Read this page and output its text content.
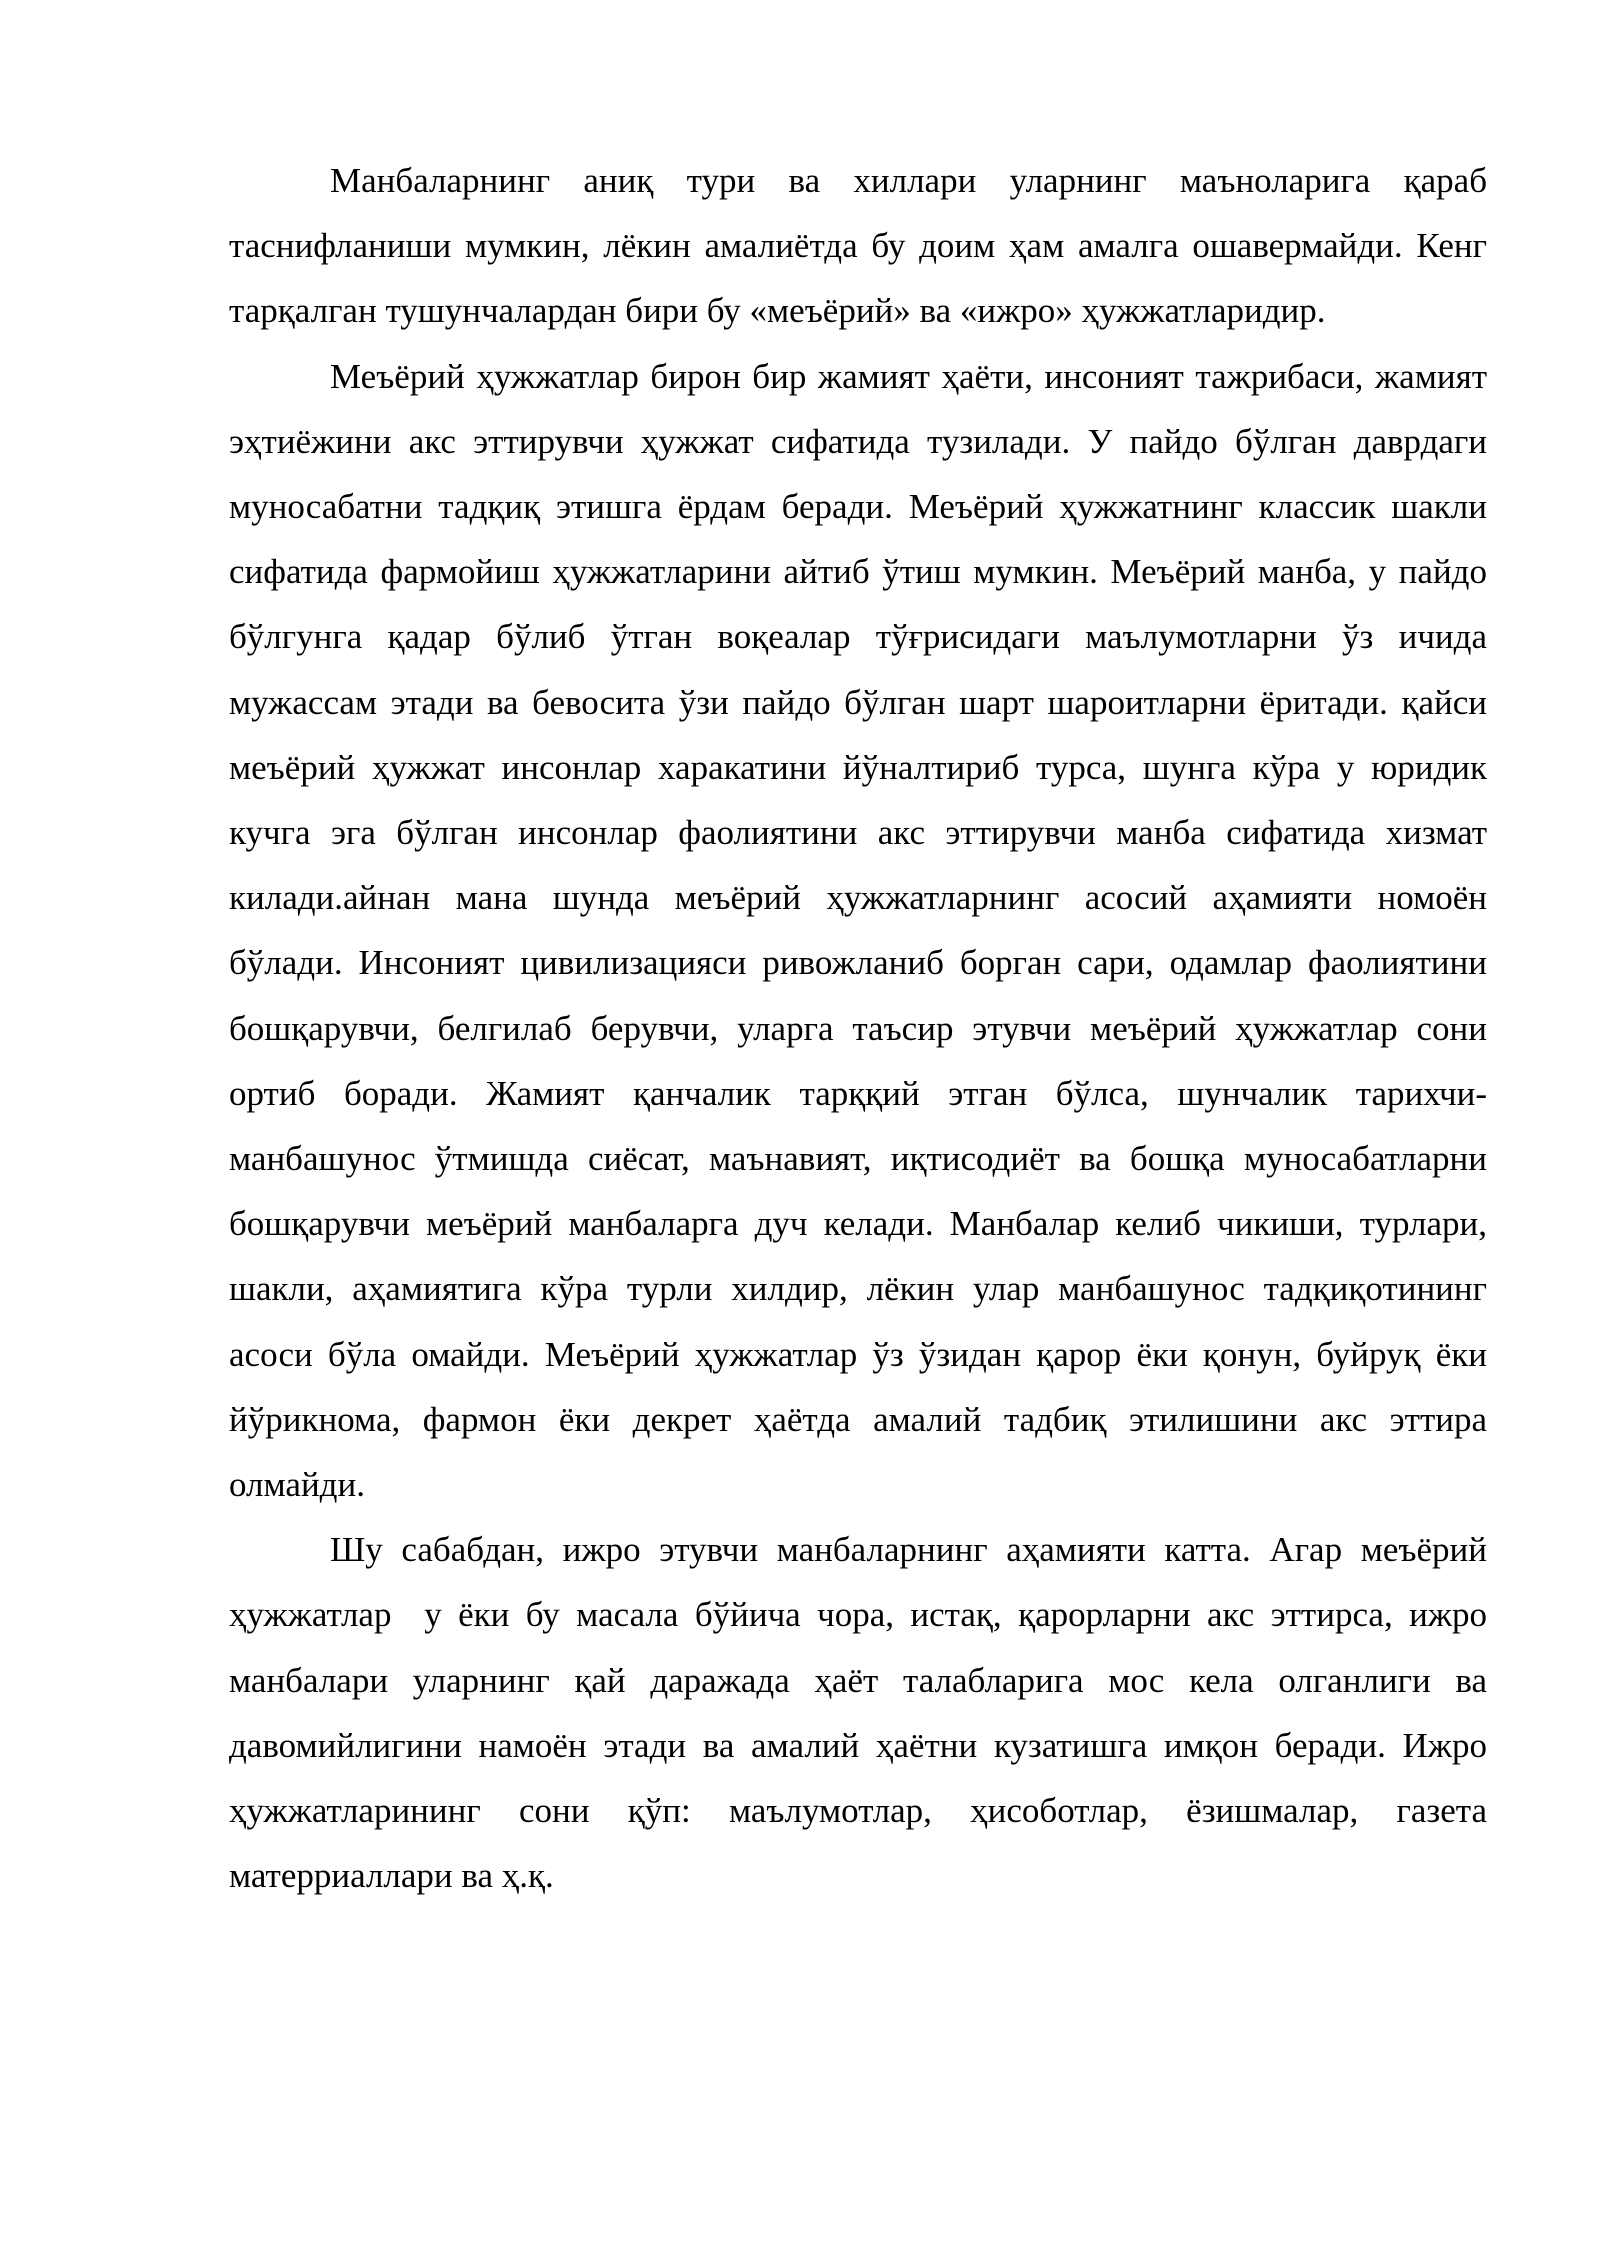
Манбаларнинг аниқ тури ва хиллари уларнинг маъноларига қараб таснифланиши мумкин, лёкин амалиётда бу доим ҳам амалга ошавермайди. Кенг тарқалган тушунчалардан бири бу «меъёрий» ва «ижро» ҳужжатларидир.

Меъёрий ҳужжатлар бирон бир жамият ҳаёти, инсоният тажрибаси, жамият эҳтиёжини акс эттирувчи ҳужжат сифатида тузилади. У пайдо бўлган даврдаги муносабатни тадқиқ этишга ёрдам беради. Меъёрий ҳужжатнинг классик шакли сифатида фармойиш ҳужжатларини айтиб ўтиш мумкин. Меъёрий манба, у пайдо бўлгунга қадар бўлиб ўтган воқеалар тўғрисидаги маълумотларни ўз ичида мужассам этади ва бевосита ўзи пайдо бўлган шарт шароитларни ёритади. қайси меъёрий ҳужжат инсонлар харакатини йўналтириб турса, шунга кўра у юридик кучга эга бўлган инсонлар фаолиятини акс эттирувчи манба сифатида хизмат килади.айнан мана шунда меъёрий ҳужжатларнинг асосий аҳамияти номоён бўлади. Инсоният цивилизацияси ривожланиб борган сари, одамлар фаолиятини бошқарувчи, белгилаб берувчи, уларга таъсир этувчи меъёрий ҳужжатлар сони ортиб боради. Жамият қанчалик тарққий этган бўлса, шунчалик тарихчи-манбашунос ўтмишда сиёсат, маънавият, иқтисодиёт ва бошқа муносабатларни бошқарувчи меъёрий манбаларга дуч келади. Манбалар келиб чикиши, турлари, шакли, аҳамиятига кўра турли хилдир, лёкин улар манбашунос тадқиқотининг асоси бўла омайди. Меъёрий ҳужжатлар ўз ўзидан қарор ёки қонун, буйруқ ёки йўрикнома, фармон ёки декрет ҳаётда амалий тадбиқ этилишини акс эттира олмайди.

Шу сабабдан, ижро этувчи манбаларнинг аҳамияти катта. Агар меъёрий ҳужжатлар  у ёки бу масала бўйича чора, истақ, қарорларни акс эттирса, ижро манбалари уларнинг қай даражада ҳаёт талабларига мос кела олганлиги ва давомийлигини намоён этади ва амалий ҳаётни кузатишга имқон беради. Ижро ҳужжатларининг сони қўп: маълумотлар, ҳисоботлар, ёзишмалар, газета матерриаллари ва ҳ.қ.
